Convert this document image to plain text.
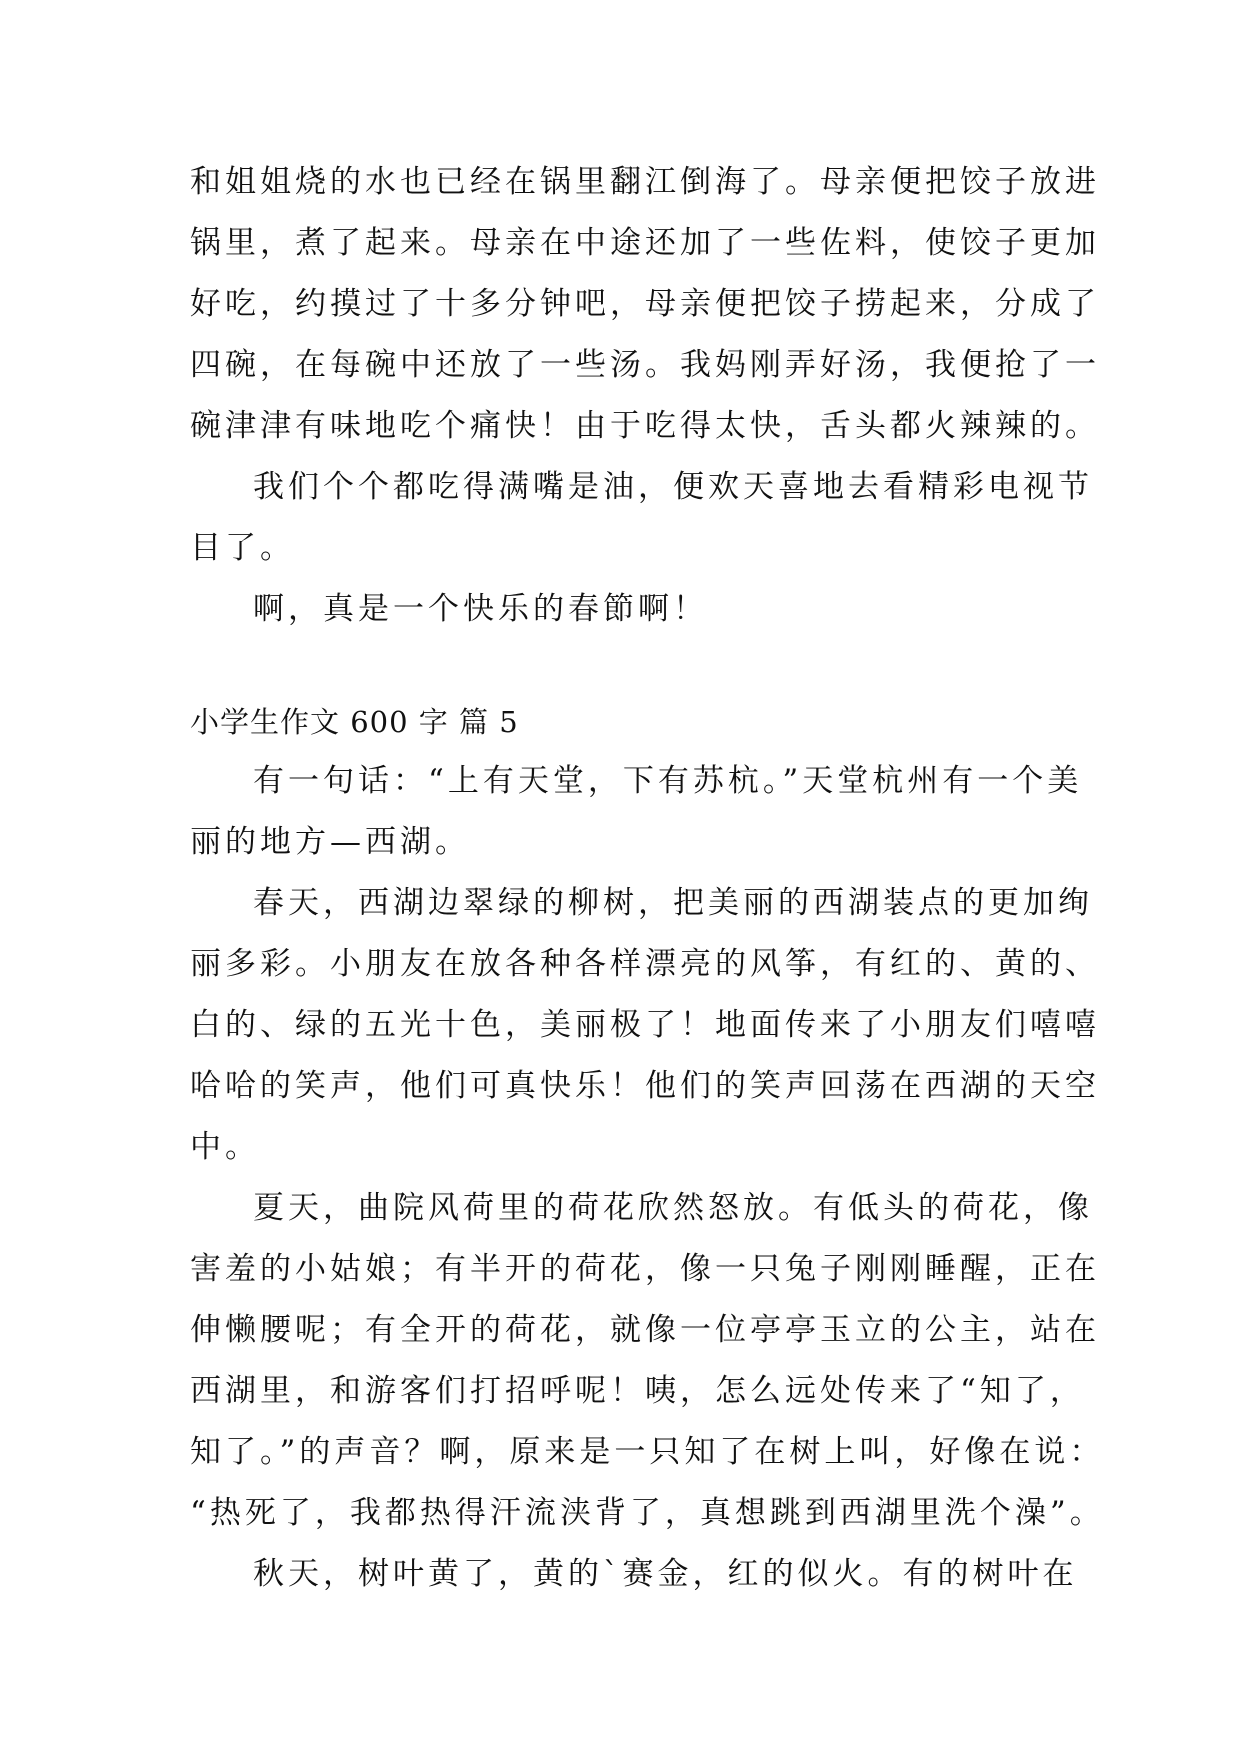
和姐姐烧的水也已经在锅里翻江倒海了。母亲便把饺子放进
锅里，煮了起来。母亲在中途还加了一些佐料，使饺子更加
好吃，约摸过了十多分钟吧，母亲便把饺子捞起来，分成了
四碗，在每碗中还放了一些汤。我妈刚弄好汤，我便抢了一
碗津津有味地吃个痛快！由于吃得太快，舌头都火辣辣的。
我们个个都吃得满嘴是油，便欢天喜地去看精彩电视节
目了。
啊，真是一个快乐的春節啊！
小学生作文 600 字 篇 5
有一句话：“上有天堂，下有苏杭。”天堂杭州有一个美
丽的地方—西湖。
春天，西湖边翠绿的柳树，把美丽的西湖装点的更加绚
丽多彩。小朋友在放各种各样漂亮的风筝，有红的、黄的、
白的、绿的五光十色，美丽极了！地面传来了小朋友们嘻嘻
哈哈的笑声，他们可真快乐！他们的笑声回荡在西湖的天空
中。
夏天，曲院风荷里的荷花欣然怒放。有低头的荷花，像
害羞的小姑娘；有半开的荷花，像一只兔子刚刚睡醒，正在
伸懒腰呢；有全开的荷花，就像一位亭亭玉立的公主，站在
西湖里，和游客们打招呼呢！咦，怎么远处传来了“知了，
知了。”的声音？啊，原来是一只知了在树上叫，好像在说：
“热死了，我都热得汗流浃背了，真想跳到西湖里洗个澡”。
秋天，树叶黄了，黄的`赛金，红的似火。有的树叶在
